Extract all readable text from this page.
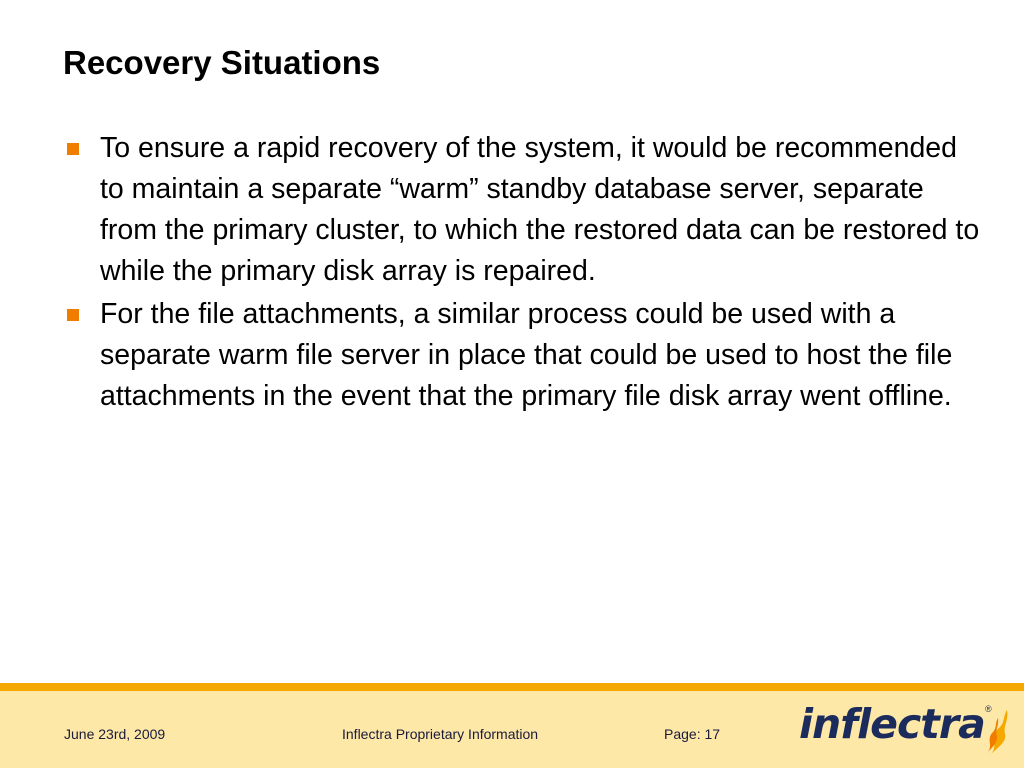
Recovery Situations
To ensure a rapid recovery of the system, it would be recommended to maintain a separate “warm” standby database server, separate from the primary cluster, to which the restored data can be restored to while the primary disk array is repaired.
For the file attachments, a similar process could be used with a separate warm file server in place that could be used to host the file attachments in the event that the primary file disk array went offline.
June 23rd, 2009	Inflectra Proprietary Information	Page: 17 inflectra ®
